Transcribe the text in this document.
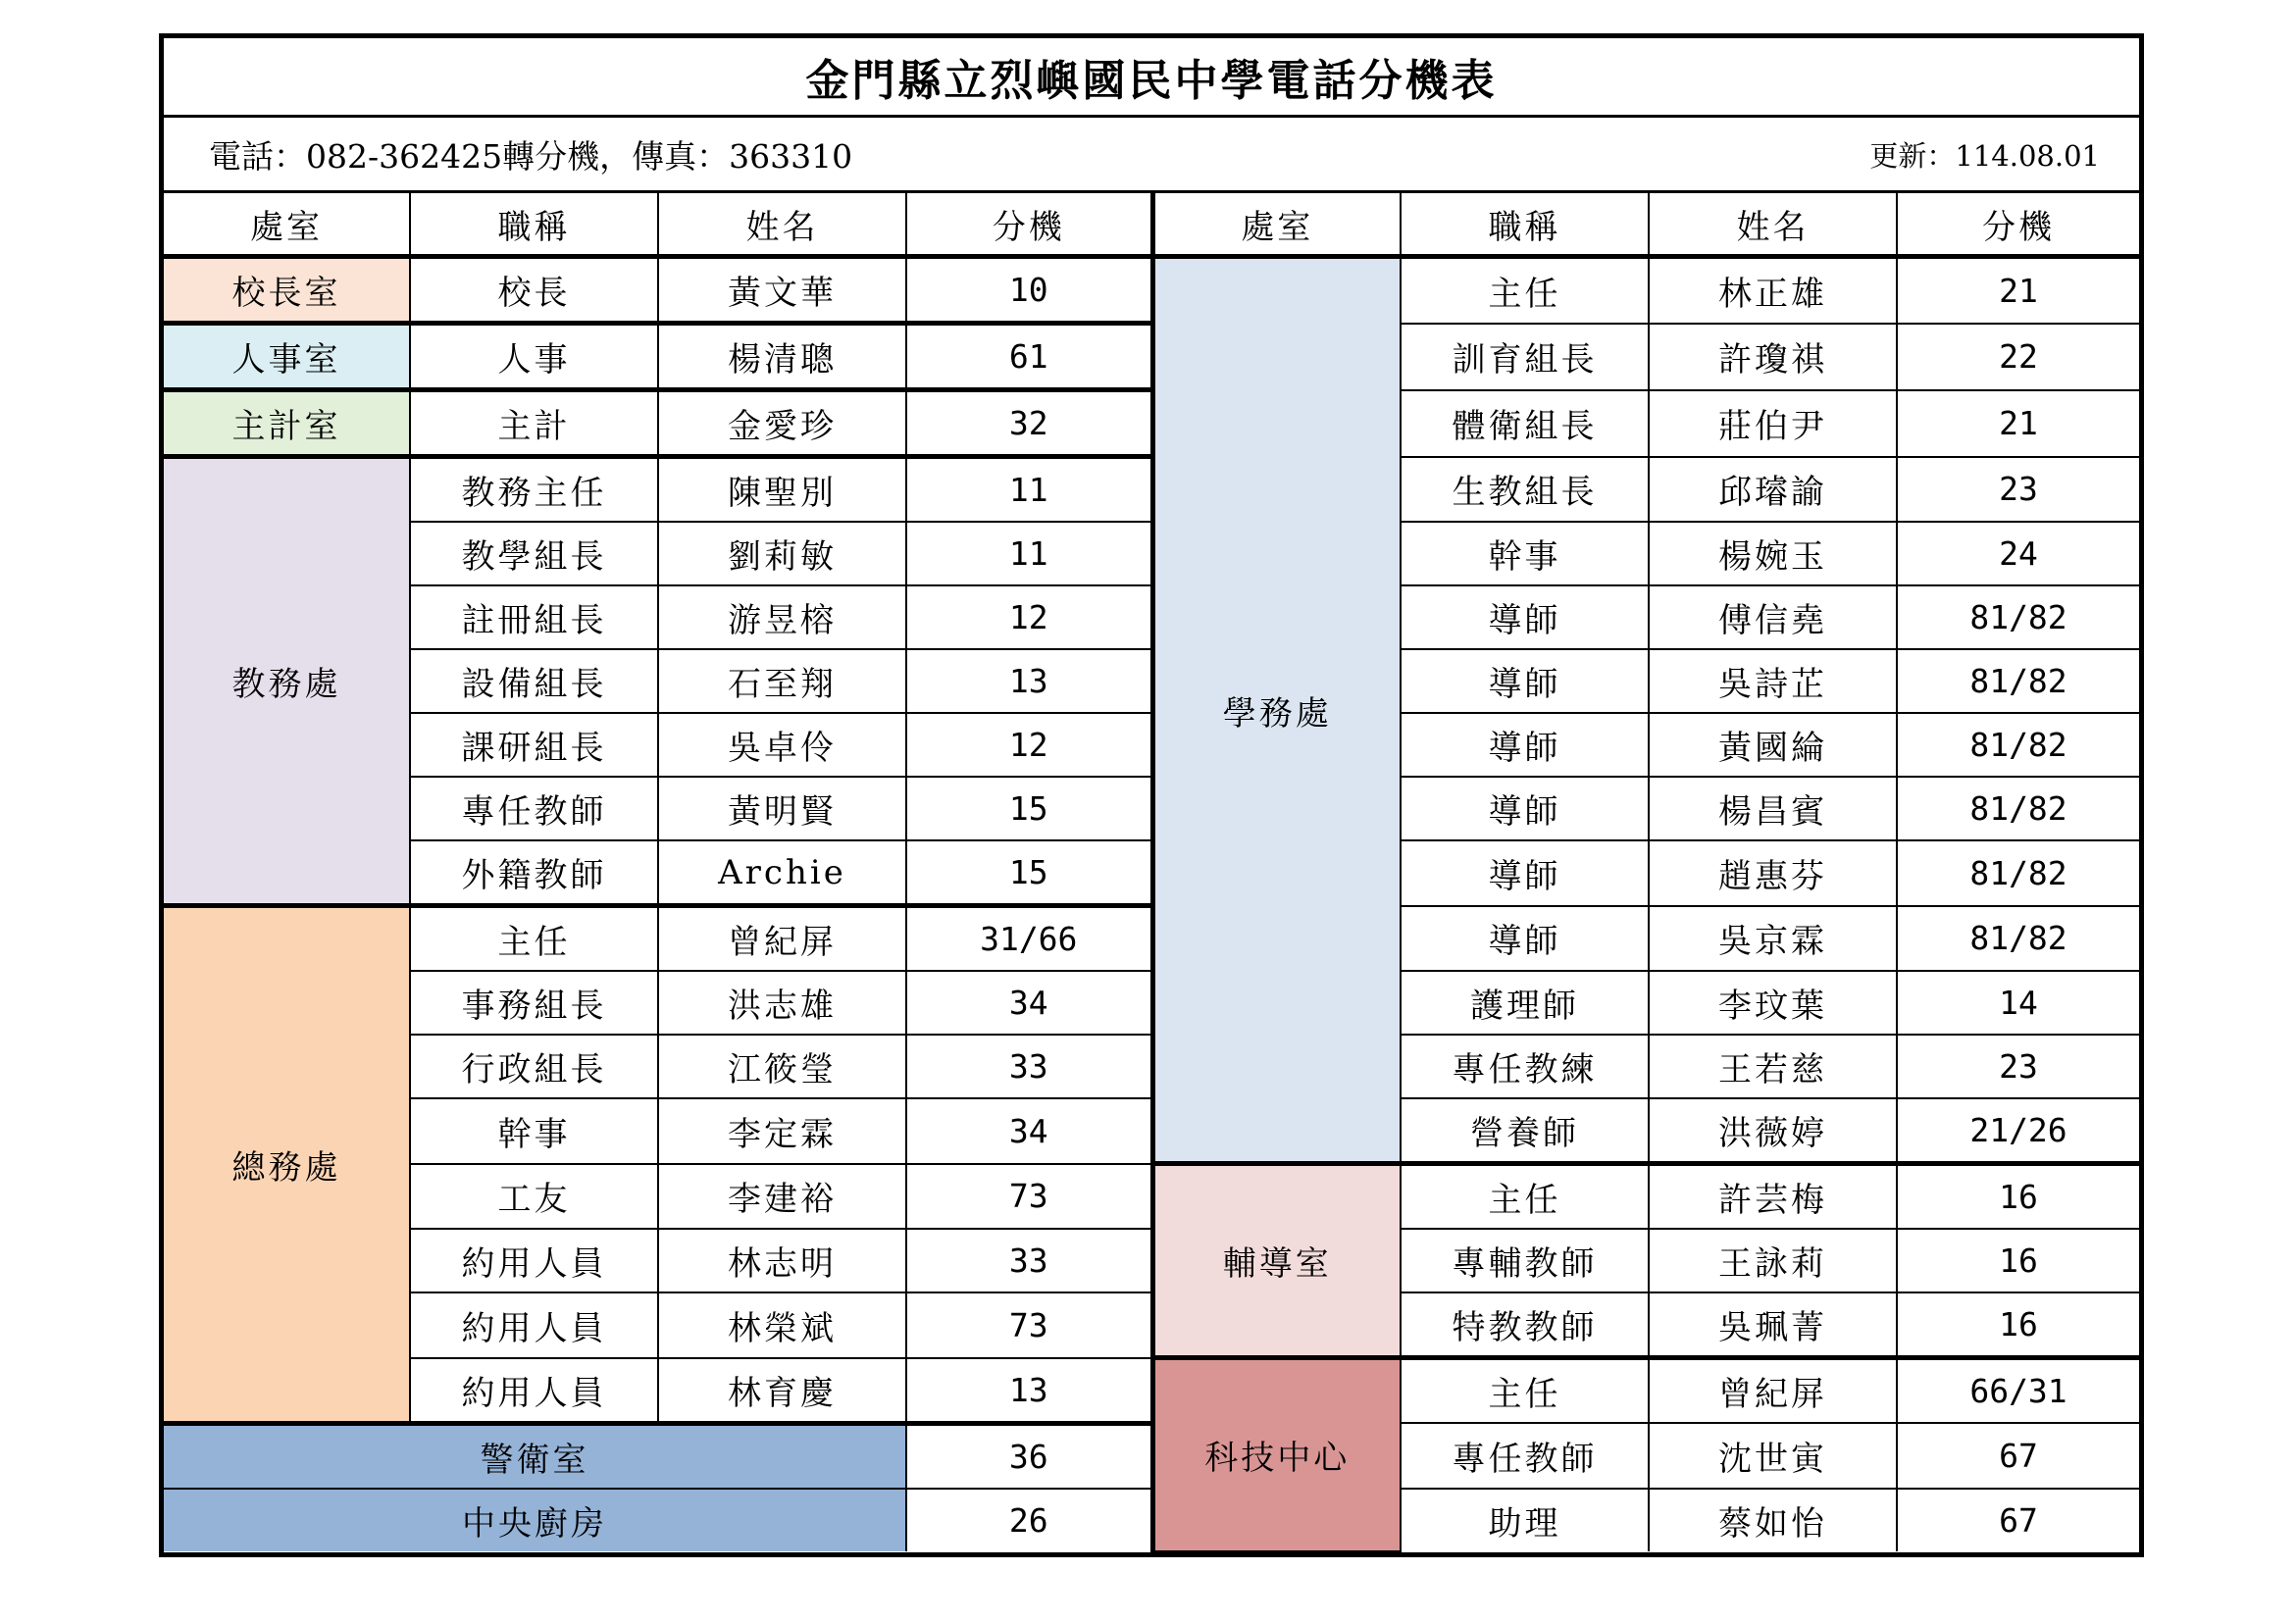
金門縣立烈嶼國民中學電話分機表
電話：082-362425轉分機，傳真：363310	更新：114.08.01
處室	職稱	姓名	分機	處室	職稱	姓名	分機
校長室	校長	黃文華	10	學務處	主任	林正雄	21
人事室	人事	楊清聰	61		訓育組長	許瓊祺	22
主計室	主計	金愛珍	32		體衛組長	莊伯尹	21
教務處	教務主任	陳聖別	11		生教組長	邱璿諭	23
	教學組長	劉莉敏	11		幹事	楊婉玉	24
	註冊組長	游昱榕	12		導師	傅信堯	81/82
	設備組長	石至翔	13		導師	吳詩芷	81/82
	課研組長	吳卓伶	12		導師	黃國綸	81/82
	專任教師	黃明賢	15		導師	楊昌賓	81/82
	外籍教師	Archie	15		導師	趙惠芬	81/82
總務處	主任	曾紀屏	31/66		導師	吳京霖	81/82
	事務組長	洪志雄	34		護理師	李玟葉	14
	行政組長	江筱瑩	33		專任教練	王若慈	23
	幹事	李定霖	34		營養師	洪薇婷	21/26
	工友	李建裕	73	輔導室	主任	許芸梅	16
	約用人員	林志明	33		專輔教師	王詠莉	16
	約用人員	林榮斌	73		特教教師	吳珮菁	16
	約用人員	林育慶	13	科技中心	主任	曾紀屏	66/31
警衛室			36		專任教師	沈世寅	67
中央廚房			26		助理	蔡如怡	67
